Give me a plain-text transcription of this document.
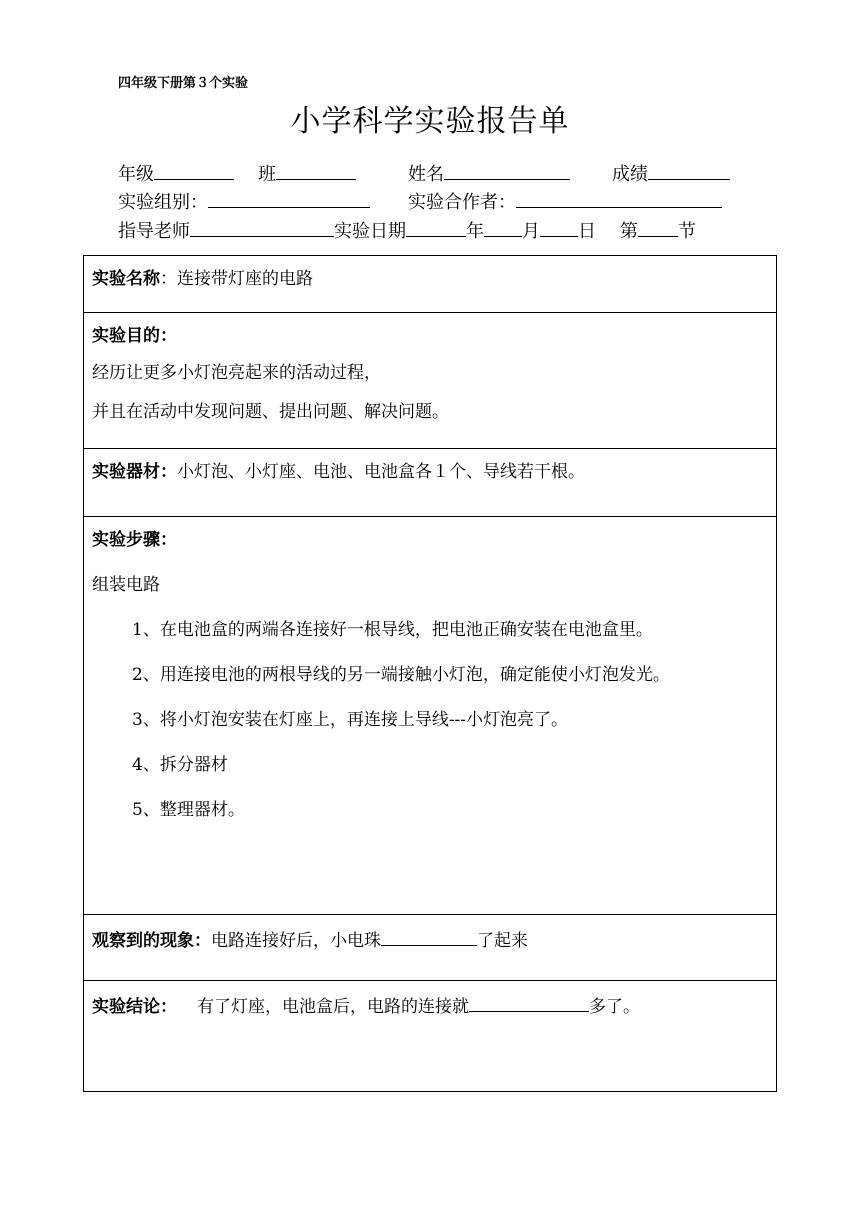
四年级下册第３个实验
小学科学实验报告单
年级	班	姓名	成绩
实验组别：	实验合作者：
指导老师	实验日期	年 月 日 第 节
实验名称：连接带灯座的电路

实验目的：
经历让更多小灯泡亮起来的活动过程，
并且在活动中发现问题、提出问题、解决问题。

实验器材：小灯泡、小灯座、电池、电池盒各１个、导线若干根。

实验步骤：
组装电路
1、在电池盒的两端各连接好一根导线，把电池正确安装在电池盒里。
2、用连接电池的两根导线的另一端接触小灯泡，确定能使小灯泡发光。
3、将小灯泡安装在灯座上，再连接上导线---小灯泡亮了。
4、拆分器材
5、整理器材。

观察到的现象：电路连接好后，小电珠	了起来
实验结论： 有了灯座，电池盒后，电路的连接就	多了。
